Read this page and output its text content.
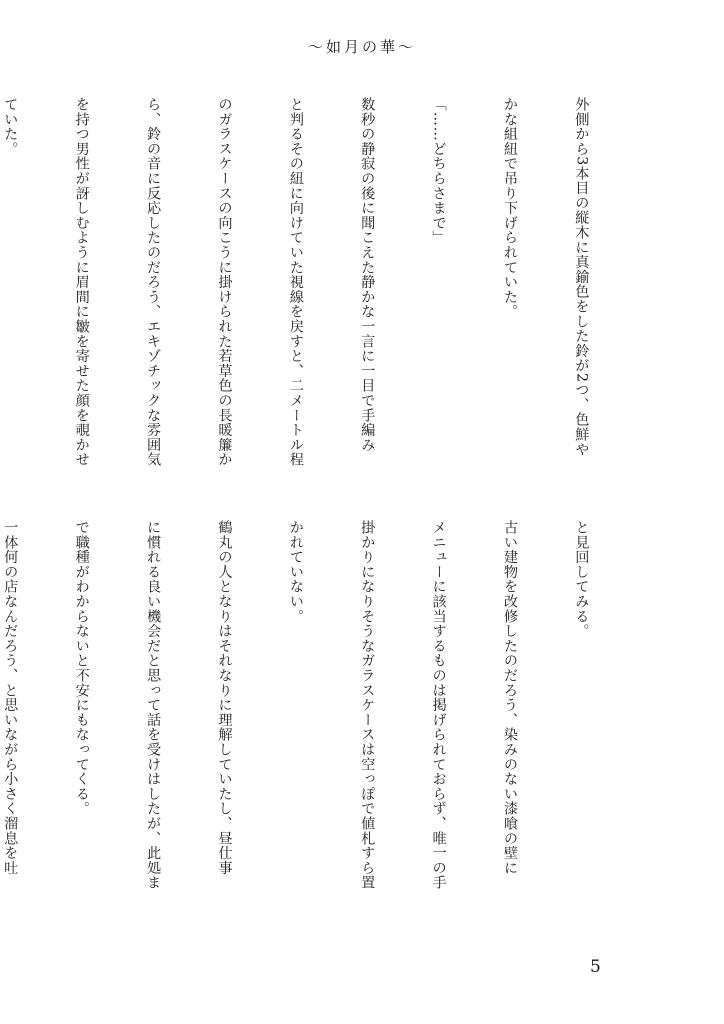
〜如月の華〜

外側から3本目の縦木に真鍮色をした鈴が2つ、色鮮や

かな組紐で吊り下げられていた。

「……どちらさまで」

数秒の静寂の後に聞こえた静かな一言に一目で手編み

と判るその紐に向けていた視線を戻すと、二メートル程

のガラスケースの向こうに掛けられた若草色の長暖簾か

ら、鈴の音に反応したのだろう、エキゾチックな雰囲気

を持つ男性が訝しむように眉間に皺を寄せた顔を覗かせ

ていた。

と見回してみる。

古い建物を改修したのだろう、染みのない漆喰の壁に

メニューに該当するものは掲げられておらず、唯一の手

掛かりになりそうなガラスケースは空っぽで値札すら置

かれていない。

鶴丸の人となりはそれなりに理解していたし、昼仕事

に慣れる良い機会だと思って話を受けはしたが、此処ま

で職種がわからないと不安にもなってくる。

一体何の店なんだろう、と思いながら小さく溜息を吐

5
